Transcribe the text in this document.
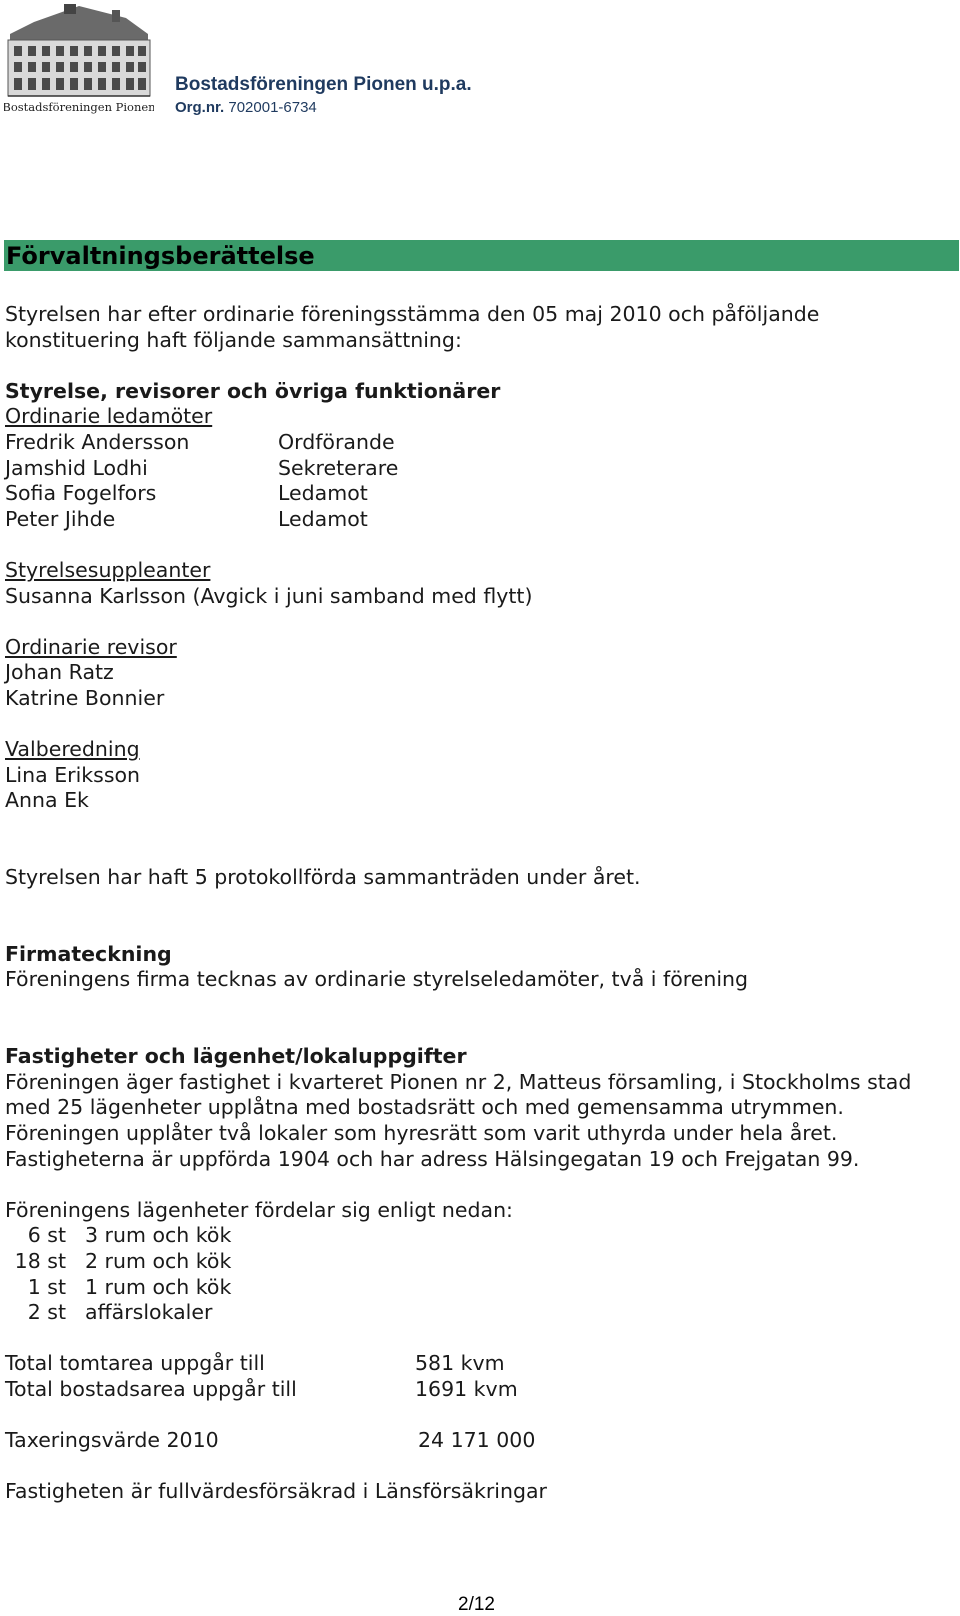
Bostadsföreningen Pionen
Bostadsföreningen Pionen u.p.a.
Org.nr. 702001-6734
Förvaltningsberättelse

Styrelsen har efter ordinarie föreningsstämma den 05 maj 2010 och påföljande

konstituering haft följande sammansättning:

Styrelse, revisorer och övriga funktionärer

Ordinarie ledamöter

Fredrik Andersson	Ordförande
Jamshid Lodhi	Sekreterare
Sofia Fogelfors	Ledamot
Peter Jihde	Ledamot

Styrelsesuppleanter

Susanna Karlsson (Avgick i juni samband med flytt)

Ordinarie revisor

Johan Ratz

Katrine Bonnier

Valberedning

Lina Eriksson

Anna Ek

Styrelsen har haft 5 protokollförda sammanträden under året.

Firmateckning

Föreningens firma tecknas av ordinarie styrelseledamöter, två i förening

Fastigheter och lägenhet/lokaluppgifter

Föreningen äger fastighet i kvarteret Pionen nr 2, Matteus församling, i Stockholms stad

med 25 lägenheter upplåtna med bostadsrätt och med gemensamma utrymmen.

Föreningen upplåter två lokaler som hyresrätt som varit uthyrda under hela året.

Fastigheterna är uppförda 1904 och har adress Hälsingegatan 19 och Frejgatan 99.

Föreningens lägenheter fördelar sig enligt nedan:

6 st 3 rum och kök
18 st 2 rum och kök
1 st 1 rum och kök
2 st affärslokaler
Total tomtarea uppgår till	581 kvm
Total bostadsarea uppgår till	1691 kvm
Taxeringsvärde 2010	24 171 000

Fastigheten är fullvärdesförsäkrad i Länsförsäkringar

2/12
